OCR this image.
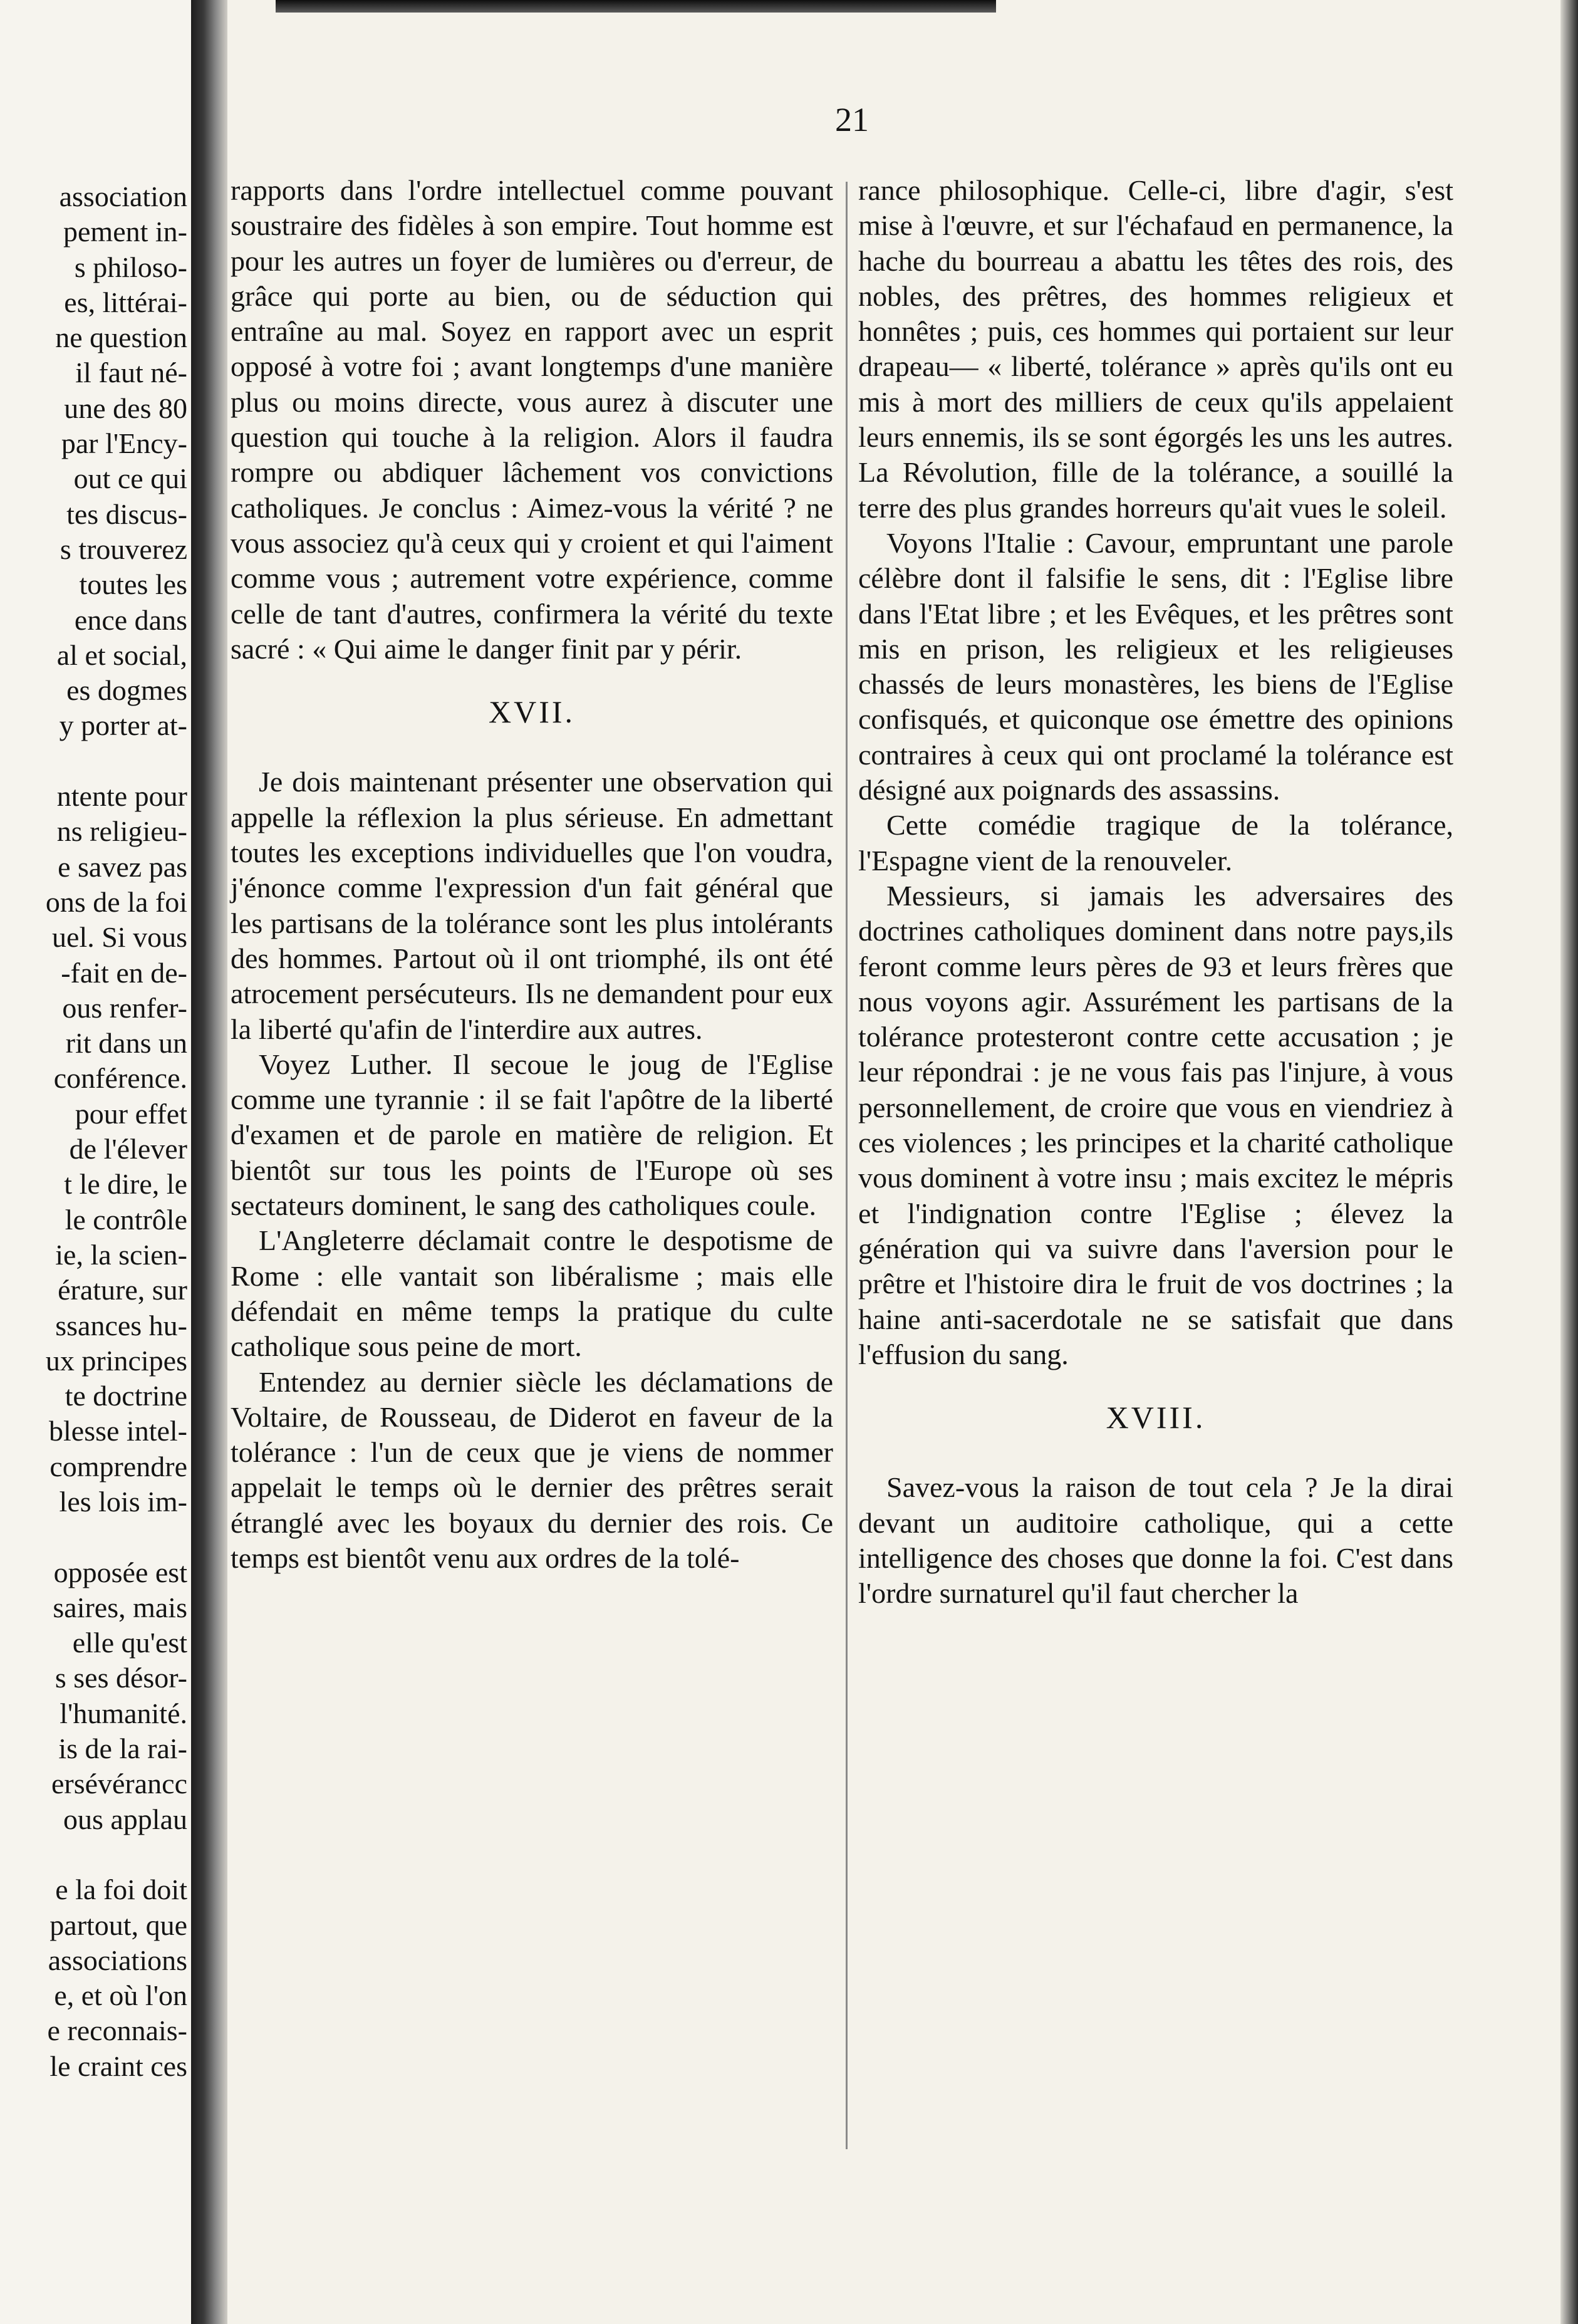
association
pement in-
s philoso-
es, littérai-
ne question
il faut né-
une des 80
par l'Ency-
out ce qui
tes discus-
s trouverez
toutes les
ence dans
al et social,
es dogmes
y porter at-
ntente pour
ns religieu-
e savez pas
ons de la foi
uel. Si vous
-fait en de-
ous renfer-
rit dans un
conférence.
pour effet
de l'élever
t le dire, le
le contrôle
ie, la scien-
érature, sur
ssances hu-
ux principes
te doctrine
blesse intel-
comprendre
les lois im-
opposée est
saires, mais
elle qu'est
s ses désor-
l'humanité.
is de la rai-
ersévérancc
ous applau
e la foi doit
partout, que
associations
e, et où l'on
e reconnais-
le craint ces
21

rapports dans l'ordre intellectuel comme pouvant soustraire des fidèles à son empire. Tout homme est pour les autres un foyer de lumières ou d'erreur, de grâce qui porte au bien, ou de séduction qui entraîne au mal. Soyez en rapport avec un esprit opposé à votre foi ; avant longtemps d'une manière plus ou moins directe, vous aurez à discuter une question qui touche à la religion. Alors il faudra rompre ou abdiquer lâchement vos convictions catholiques. Je conclus : Aimez-vous la vérité ? ne vous associez qu'à ceux qui y croient et qui l'aiment comme vous ; autrement votre expérience, comme celle de tant d'autres, confirmera la vérité du texte sacré : « Qui aime le danger finit par y périr.

XVII.

Je dois maintenant présenter une observation qui appelle la réflexion la plus sérieuse. En admettant toutes les exceptions individuelles que l'on voudra, j'énonce comme l'expression d'un fait général que les partisans de la tolérance sont les plus intolérants des hommes. Partout où il ont triomphé, ils ont été atrocement persécuteurs. Ils ne demandent pour eux la liberté qu'afin de l'interdire aux autres.

Voyez Luther. Il secoue le joug de l'Eglise comme une tyrannie : il se fait l'apôtre de la liberté d'examen et de parole en matière de religion. Et bientôt sur tous les points de l'Europe où ses sectateurs dominent, le sang des catholiques coule.

L'Angleterre déclamait contre le despotisme de Rome : elle vantait son libéralisme ; mais elle défendait en même temps la pratique du culte catholique sous peine de mort.

Entendez au dernier siècle les déclamations de Voltaire, de Rousseau, de Diderot en faveur de la tolérance : l'un de ceux que je viens de nommer appelait le temps où le dernier des prêtres serait étranglé avec les boyaux du dernier des rois. Ce temps est bientôt venu aux ordres de la tolé-

rance philosophique. Celle-ci, libre d'agir, s'est mise à l'œuvre, et sur l'échafaud en permanence, la hache du bourreau a abattu les têtes des rois, des nobles, des prêtres, des hommes religieux et honnêtes ; puis, ces hommes qui portaient sur leur drapeau— « liberté, tolérance » après qu'ils ont eu mis à mort des milliers de ceux qu'ils appelaient leurs ennemis, ils se sont égorgés les uns les autres. La Révolution, fille de la tolérance, a souillé la terre des plus grandes horreurs qu'ait vues le soleil.

Voyons l'Italie : Cavour, empruntant une parole célèbre dont il falsifie le sens, dit : l'Eglise libre dans l'Etat libre ; et les Evêques, et les prêtres sont mis en prison, les religieux et les religieuses chassés de leurs monastères, les biens de l'Eglise confisqués, et quiconque ose émettre des opinions contraires à ceux qui ont proclamé la tolérance est désigné aux poignards des assassins.

Cette comédie tragique de la tolérance, l'Espagne vient de la renouveler.

Messieurs, si jamais les adversaires des doctrines catholiques dominent dans notre pays,ils feront comme leurs pères de 93 et leurs frères que nous voyons agir. Assurément les partisans de la tolérance protesteront contre cette accusation ; je leur répondrai : je ne vous fais pas l'injure, à vous personnellement, de croire que vous en viendriez à ces violences ; les principes et la charité catholique vous dominent à votre insu ; mais excitez le mépris et l'indignation contre l'Eglise ; élevez la génération qui va suivre dans l'aversion pour le prêtre et l'histoire dira le fruit de vos doctrines ; la haine anti-sacerdotale ne se satisfait que dans l'effusion du sang.

XVIII.

Savez-vous la raison de tout cela ? Je la dirai devant un auditoire catholique, qui a cette intelligence des choses que donne la foi. C'est dans l'ordre surnaturel qu'il faut chercher la
